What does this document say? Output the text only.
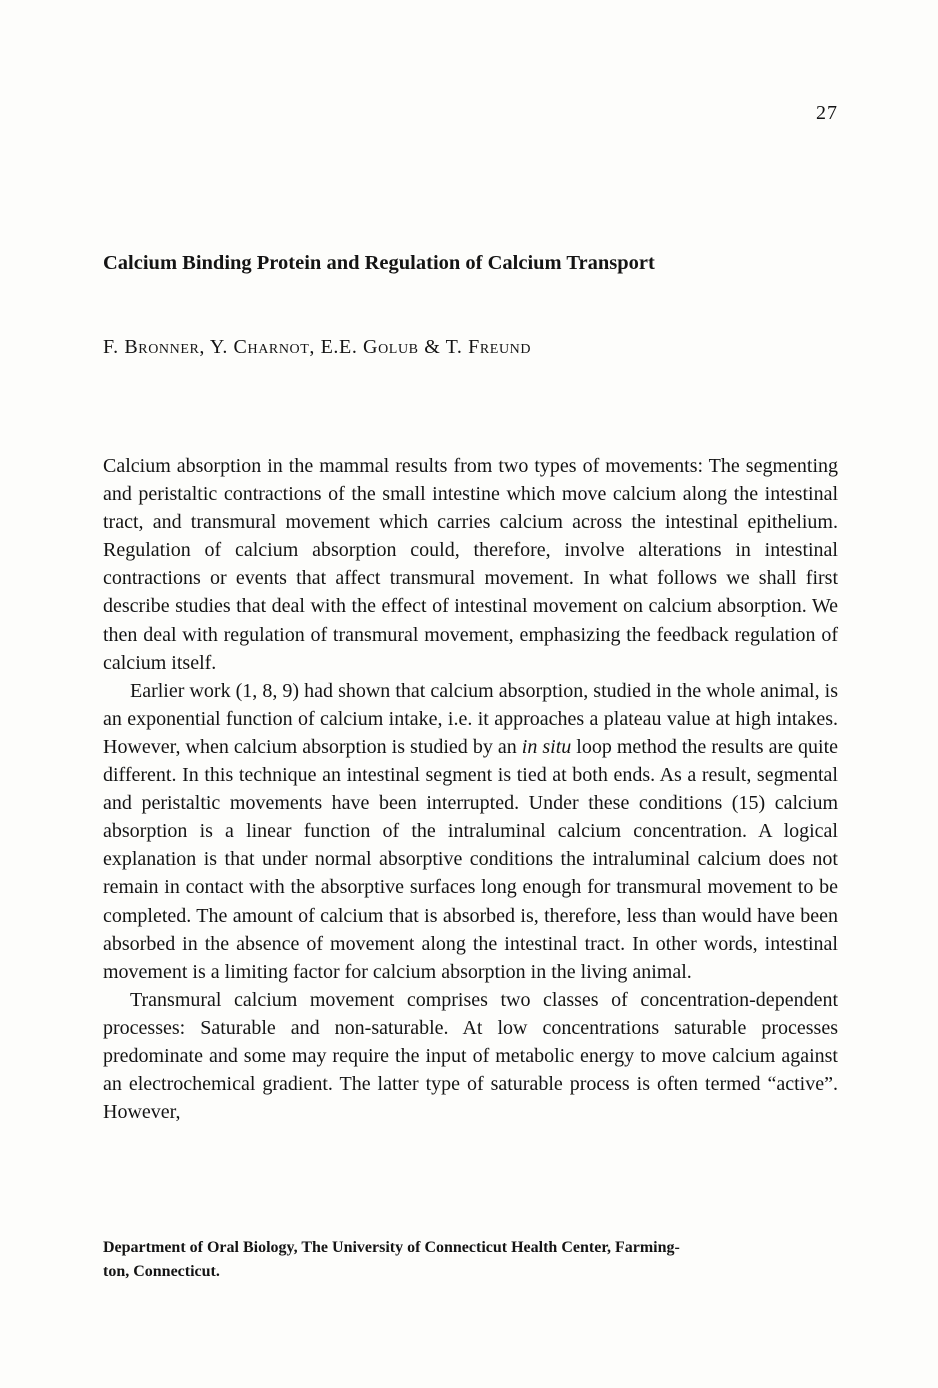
27
Calcium Binding Protein and Regulation of Calcium Transport
F. Bronner, Y. Charnot, E.E. Golub & T. Freund

Calcium absorption in the mammal results from two types of movements: The segmenting and peristaltic contractions of the small intestine which move calcium along the intestinal tract, and transmural movement which carries calcium across the intestinal epithelium. Regulation of calcium absorption could, therefore, involve alterations in intestinal contractions or events that affect transmural movement. In what follows we shall first describe studies that deal with the effect of intestinal movement on calcium absorption. We then deal with regulation of transmural movement, emphasizing the feedback regulation of calcium itself.

Earlier work (1, 8, 9) had shown that calcium absorption, studied in the whole animal, is an exponential function of calcium intake, i.e. it approaches a plateau value at high intakes. However, when calcium absorption is studied by an in situ loop method the results are quite different. In this technique an intestinal segment is tied at both ends. As a result, segmental and peristaltic movements have been interrupted. Under these conditions (15) calcium absorption is a linear function of the intraluminal calcium concentration. A logical explanation is that under normal absorptive conditions the intraluminal calcium does not remain in contact with the absorptive surfaces long enough for transmural movement to be completed. The amount of calcium that is absorbed is, therefore, less than would have been absorbed in the absence of movement along the intestinal tract. In other words, intestinal movement is a limiting factor for calcium absorption in the living animal.

Transmural calcium movement comprises two classes of concentration-dependent processes: Saturable and non-saturable. At low concentrations saturable processes predominate and some may require the input of metabolic energy to move calcium against an electrochemical gradient. The latter type of saturable process is often termed “active”. However,

Department of Oral Biology, The University of Connecticut Health Center, Farming-
ton, Connecticut.
